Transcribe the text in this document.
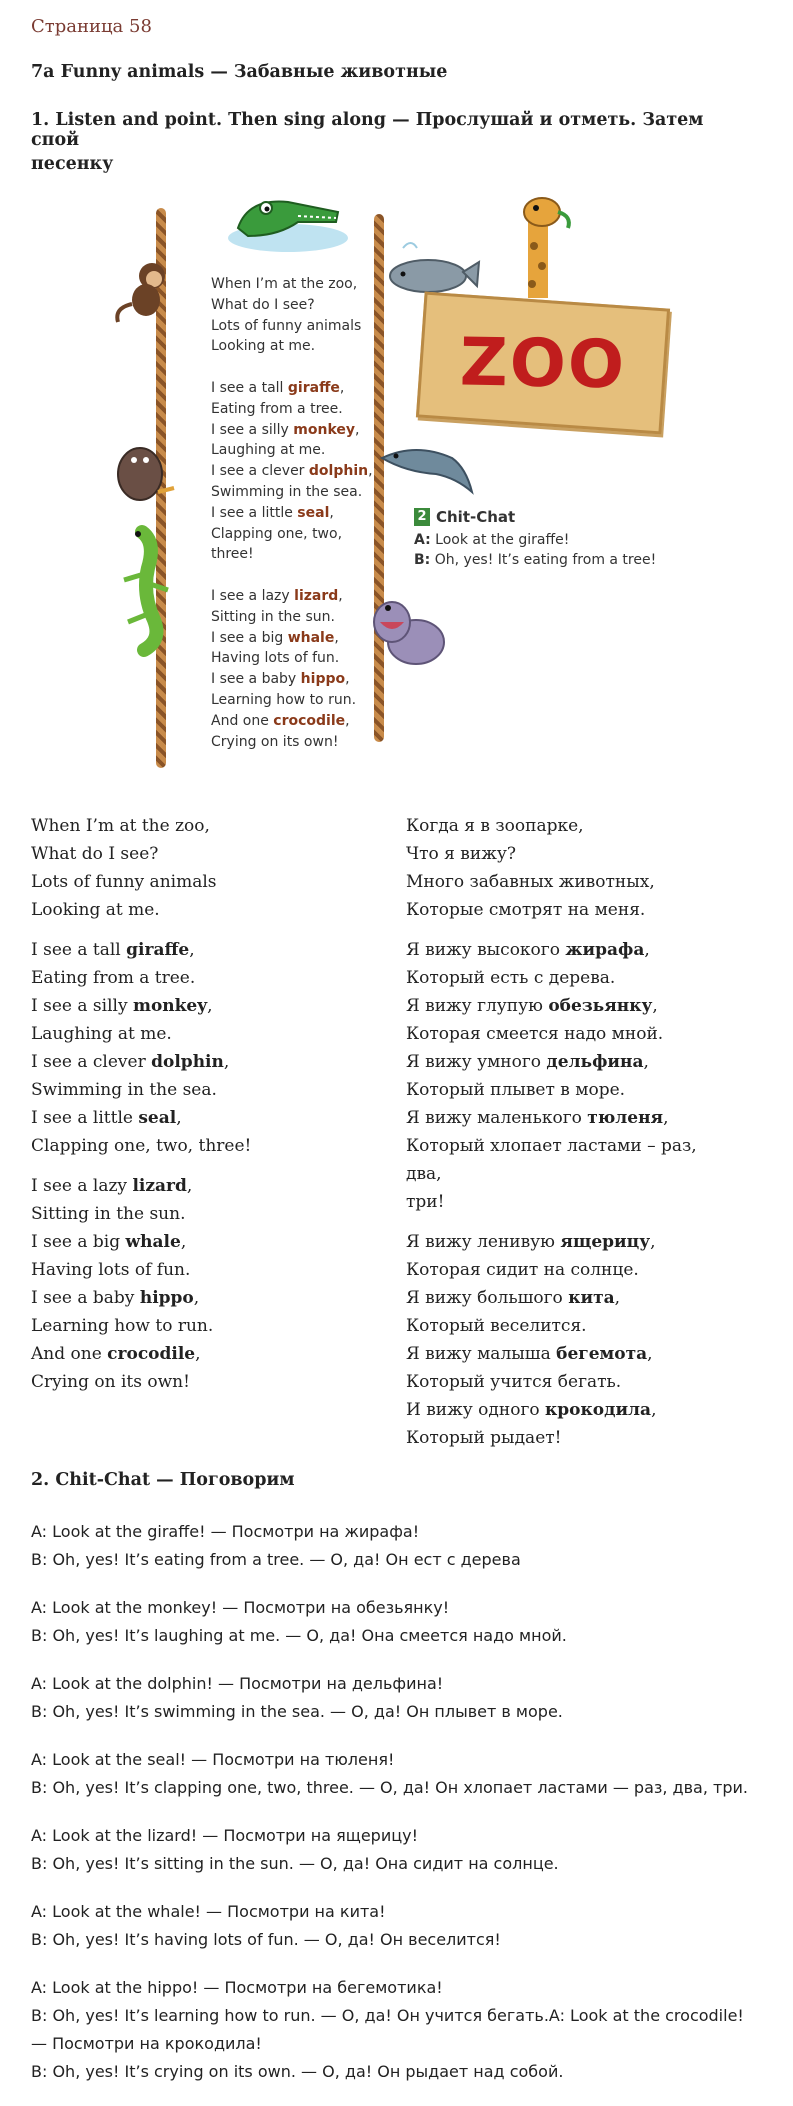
Страница 58
7a Funny animals — Забавные животные
1. Listen and point. Then sing along — Прослушай и отметь. Затем спой
песенку
ZOO
When I’m at the zoo,
What do I see?
Lots of funny animals
Looking at me.
I see a tall giraffe,
Eating from a tree.
I see a silly monkey,
Laughing at me.
I see a clever dolphin,
Swimming in the sea.
I see a little seal,
Clapping one, two,
three!
I see a lazy lizard,
Sitting in the sun.
I see a big whale,
Having lots of fun.
I see a baby hippo,
Learning how to run.
And one crocodile,
Crying on its own!
2 Chit-Chat
A: Look at the giraffe!
B: Oh, yes! It’s eating from a tree!
When I’m at the zoo,
What do I see?
Lots of funny animals
Looking at me.
I see a tall giraffe,
Eating from a tree.
I see a silly monkey,
Laughing at me.
I see a clever dolphin,
Swimming in the sea.
I see a little seal,
Clapping one, two, three!
I see a lazy lizard,
Sitting in the sun.
I see a big whale,
Having lots of fun.
I see a baby hippo,
Learning how to run.
And one crocodile,
Crying on its own!
Когда я в зоопарке,
Что я вижу?
Много забавных животных,
Которые смотрят на меня.
Я вижу высокого жирафа,
Который есть с дерева.
Я вижу глупую обезьянку,
Которая смеется надо мной.
Я вижу умного дельфина,
Который плывет в море.
Я вижу маленького тюленя,
Который хлопает ластами – раз, два,
три!
Я вижу ленивую ящерицу,
Которая сидит на солнце.
Я вижу большого кита,
Который веселится.
Я вижу малыша бегемота,
Который учится бегать.
И вижу одного крокодила,
Который рыдает!
2. Chit-Chat — Поговорим
A: Look at the giraffe! — Посмотри на жирафа!
B: Oh, yes! It’s eating from a tree. — О, да! Он ест с дерева
A: Look at the monkey! — Посмотри на обезьянку!
B: Oh, yes! It’s laughing at me. — О, да! Она смеется надо мной.
A: Look at the dolphin! — Посмотри на дельфина!
B: Oh, yes! It’s swimming in the sea. — О, да! Он плывет в море.
A: Look at the seal! — Посмотри на тюленя!
B: Oh, yes! It’s clapping one, two, three. — О, да! Он хлопает ластами — раз, два, три.
A: Look at the lizard! — Посмотри на ящерицу!
B: Oh, yes! It’s sitting in the sun. — О, да! Она сидит на солнце.
A: Look at the whale! — Посмотри на кита!
B: Oh, yes! It’s having lots of fun. — О, да! Он веселится!
A: Look at the hippo! — Посмотри на бегемотика!
B: Oh, yes! It’s learning how to run. — О, да! Он учится бегать.A: Look at the crocodile!
— Посмотри на крокодила!
B: Oh, yes! It’s crying on its own. — О, да! Он рыдает над собой.
